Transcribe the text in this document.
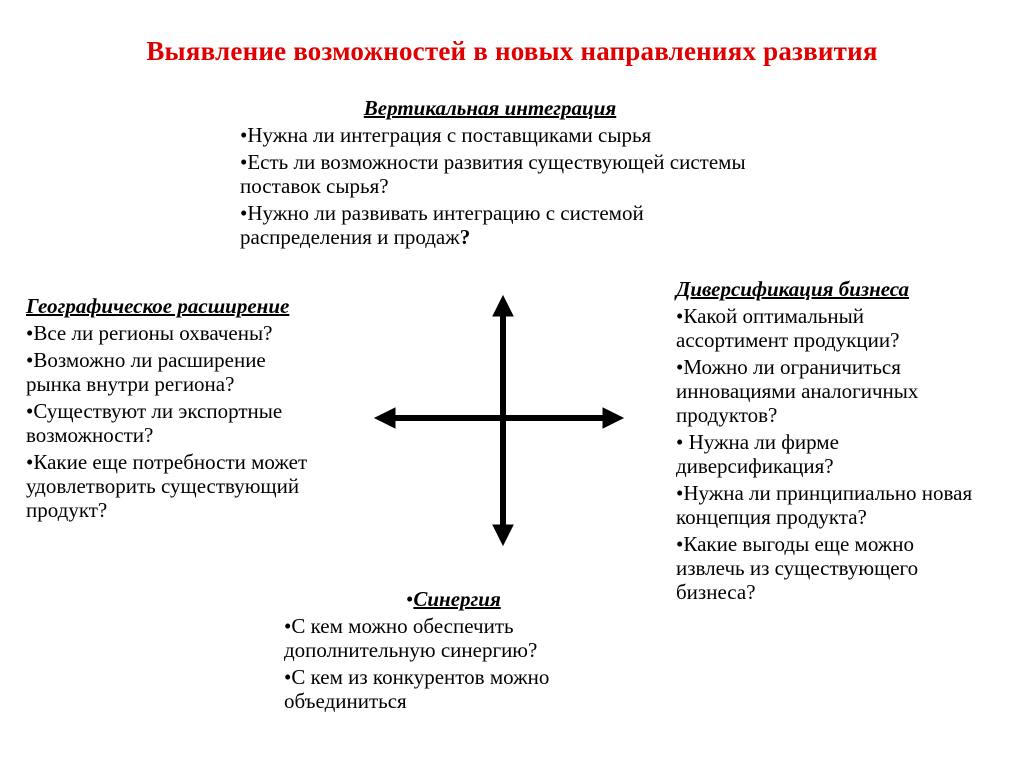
Выявление возможностей в новых направлениях развития
Вертикальная интеграция
•Нужна ли интеграция с поставщиками сырья
•Есть ли возможности развития существующей системы поставок сырья?
•Нужно ли развивать интеграцию с системой распределения и продаж?
Географическое расширение
•Все ли регионы охвачены?
•Возможно ли расширение рынка внутри региона?
•Существуют ли экспортные возможности?
•Какие еще потребности может удовлетворить существующий продукт?
Диверсификация бизнеса
•Какой оптимальный ассортимент продукции?
•Можно ли ограничиться инновациями аналогичных продуктов?
• Нужна ли фирме диверсификация?
•Нужна ли принципиально новая концепция продукта?
•Какие выгоды еще можно извлечь из существующего бизнеса?
•Синергия
•С кем можно обеспечить дополнительную синергию?
•С кем из конкурентов можно объединиться
